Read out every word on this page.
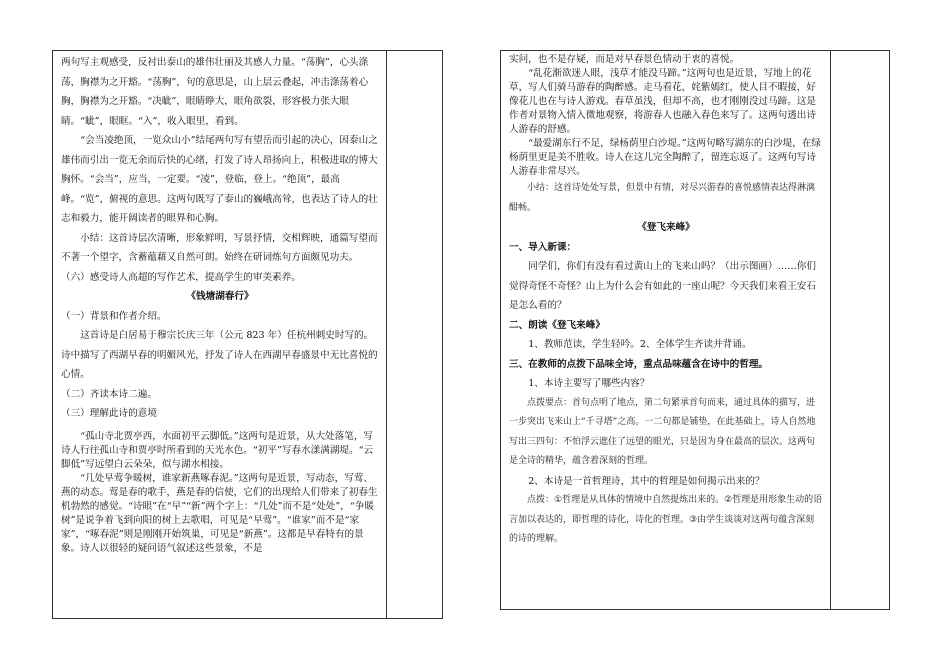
两句写主观感受，反衬出泰山的雄伟壮丽及其感人力量。“荡胸”，心头涤荡，胸襟为之开豁。“荡胸”，句的意思是，山上层云叠起，冲击涤荡着心胸，胸襟为之开豁。“决眦”，眼睛睁大，眼角欲裂，形容极力张大眼睛。“眦”，眼眶。“入”，收入眼里，看到。

“会当凌绝顶，一览众山小”结尾两句写有望岳而引起的决心，因泰山之雄伟而引出一览无余而后快的心绪，打发了诗人昂扬向上，积极进取的博大胸怀。“会当”，应当，一定要。“凌”，登临，登上。“绝顶”，最高峰。“览”，俯视的意思。这两句既写了泰山的巍峨高耸，也表达了诗人的壮志和毅力，能开阔读者的眼界和心胸。

小结：这首诗层次清晰，形象鲜明，写景抒情，交相辉映，通篇写望而不著一个望字，含蓄蕴藉又自然可朗。始终在研词炼句方面颇见功夫。

（六）感受诗人高超的写作艺术，提高学生的审美素养。

《钱塘湖春行》

（一）背景和作者介绍。

这首诗是白居易于穆宗长庆三年（公元 823 年）任杭州刺史时写的。诗中描写了西湖早春的明媚风光，抒发了诗人在西湖早春盛景中无比喜悦的心情。

（二）齐读本诗二遍。

（三）理解此诗的意境

“孤山寺北贾亭西，水面初平云脚低。”这两句是近景，从大处落笔，写诗人行往孤山寺和贾亭时所看到的天光水色。“初平”写春水漾满湖堤。“云脚低”写远望白云朵朵，似与湖水相接。

“几处早莺争暖树，谁家新燕啄春泥。”这两句是近景，写动态，写莺、燕的动态。莺是春的歌手，燕是春的信使，它们的出现给人们带来了初春生机勃然的感觉。“诗眼”在“早”“新”两个字上：“几处”而不是“处处”，“争暖树”是说争着飞到向阳的树上去歌唱，可见是“早莺”。“谁家”而不是“家家”，“啄春泥”则是刚刚开始筑巢，可见是“新燕”。这都是早春特有的景象。诗人以很轻的疑问语气叙述这些景象，不是

实问，也不是存疑，而是对早春景色情动于衷的喜悦。

“乱花渐欲迷人眼，浅草才能没马蹄。”这两句也是近景，写地上的花草，写人们骑马游春的陶醉感。走马看花，姹紫嫣红，使人目不暇接，好像花儿也在与诗人游戏。春草虽浅，但却不高，也才刚刚没过马蹄。这是作者对景物入情入微地观察，将游春人也融入春色来写了。这两句透出诗人游春的舒感。

“最爱湖东行不足，绿杨荫里白沙堤。”这两句略写湖东的白沙堤，在绿杨荫里更是美不胜收。诗人在这儿完全陶醉了，留连忘返了。这两句写诗人游春非常尽兴。

小结：这首诗处处写景，但景中有情，对尽兴游春的喜悦感情表达得淋漓酣畅。

《登飞来峰》

一、导入新课：

同学们，你们有没有看过黄山上的飞来山吗？（出示图画）……你们觉得奇怪不奇怪？山上为什么会有如此的一座山呢？今天我们来看王安石是怎么看的？

二、朗读《登飞来峰》

1、教师范读，学生轻吟。2、全体学生齐读并背诵。

三、在教师的点拨下品味全诗，重点品味蕴含在诗中的哲理。

1、本诗主要写了哪些内容？

点拨要点：首句点明了地点，第二句紧承首句而来，通过具体的描写，进一步突出飞来山上“千寻塔”之高。一二句都是铺垫，在此基础上，诗人自然地写出三四句：不怕浮云遮住了远望的眼光，只是因为身在最高的层次。这两句是全诗的精华，蕴含着深刻的哲理。

2、本诗是一首哲理诗，其中的哲理是如何揭示出来的？

点拨：①哲理是从具体的情境中自然提炼出来的。②哲理是用形象生动的语言加以表达的，即哲理的诗化，诗化的哲理。③由学生谈谈对这两句蕴含深刻的诗的理解。
